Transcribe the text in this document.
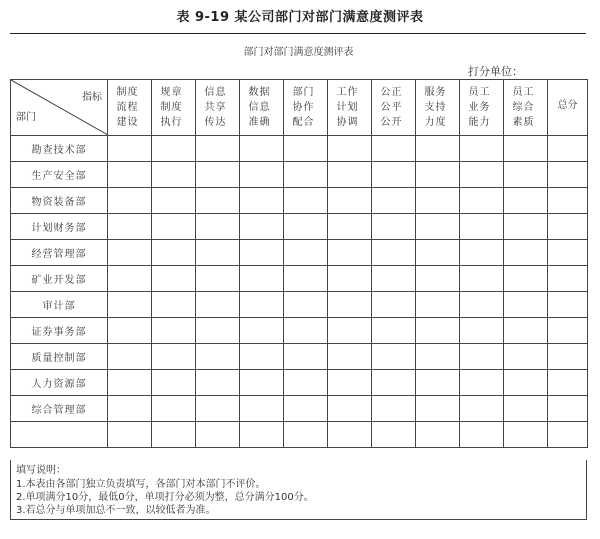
表 9-19 某公司部门对部门满意度测评表
部门对部门满意度测评表
打分单位：
指标
部门	制度流程建设	规章制度执行	信息共享传达	数据信息准确	部门协作配合	工作计划协调	公正公平公开	服务支持力度	员工业务能力	员工综合素质	总分

勘查技术部											
生产安全部											
物资装备部											
计划财务部											
经营管理部											
矿业开发部											
审计部											
证券事务部											
质量控制部											
人力资源部											
综合管理部											

填写说明：
1.本表由各部门独立负责填写，各部门对本部门不评价。
2.单项满分10分，最低0分，单项打分必须为整，总分满分100分。
3.若总分与单项加总不一致，以较低者为准。
